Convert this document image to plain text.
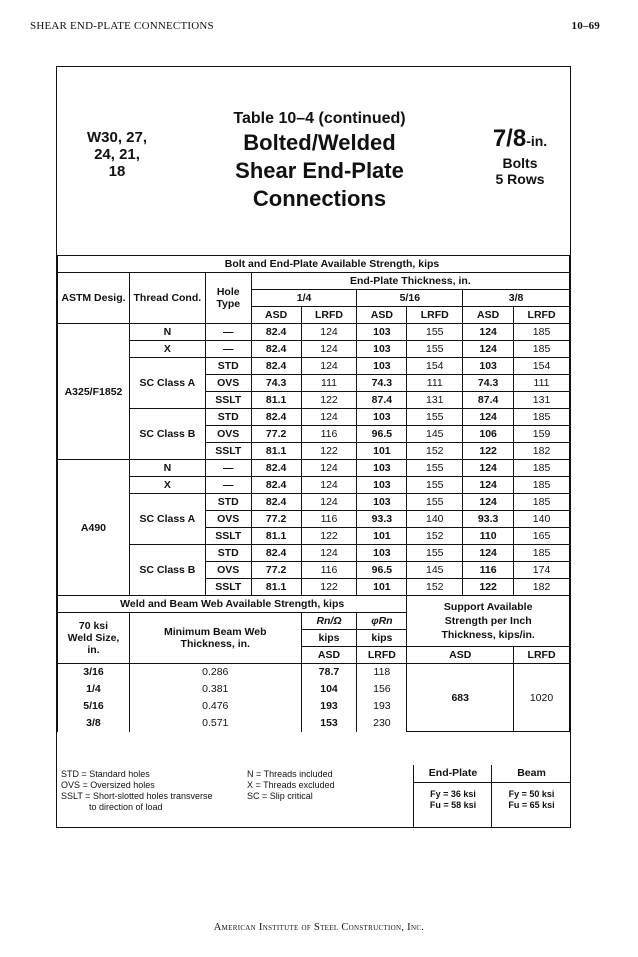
SHEAR END-PLATE CONNECTIONS	10–69
W30, 27,
24, 21,
18
Table 10–4 (continued)
Bolted/Welded
Shear End-Plate
Connections
7/8-in.
Bolts
5 Rows
Bolt and End-Plate Available Strength, kips								
ASTM Desig.	Thread Cond.	Hole Type	End-Plate Thickness, in.					
			1/4		5/16		3/8	
			ASD	LRFD	ASD	LRFD	ASD	LRFD
A325/F1852	N	—	82.4	124	103	155	124	185
	X	—	82.4	124	103	155	124	185
	SC Class A	STD	82.4	124	103	154	103	154
		OVS	74.3	111	74.3	111	74.3	111
		SSLT	81.1	122	87.4	131	87.4	131
	SC Class B	STD	82.4	124	103	155	124	185
		OVS	77.2	116	96.5	145	106	159
		SSLT	81.1	122	101	152	122	182
A490	N	—	82.4	124	103	155	124	185
	X	—	82.4	124	103	155	124	185
	SC Class A	STD	82.4	124	103	155	124	185
		OVS	77.2	116	93.3	140	93.3	140
		SSLT	81.1	122	101	152	110	165
	SC Class B	STD	82.4	124	103	155	124	185
		OVS	77.2	116	96.5	145	116	174
		SSLT	81.1	122	101	152	122	182
Weld and Beam Web Available Strength, kips						Support Available Strength per Inch Thickness, kips/in.		
70 ksi Weld Size, in.	Minimum Beam Web Thickness, in.			Rn/Ω	φRn			
				kips	kips			
				ASD	LRFD	ASD		LRFD
3/16	0.286			78.7	118	683		1020
1/4	0.381			104	156			
5/16	0.476			193	193			
3/8	0.571			153	230			
STD = Standard holes
OVS = Oversized holes
SSLT = Short-slotted holes transverse
to direction of load
N = Threads included
X = Threads excluded
SC = Slip critical
End-Plate
Fy = 36 ksi
Fu = 58 ksi
Beam
Fy = 50 ksi
Fu = 65 ksi
American Institute of Steel Construction, Inc.
